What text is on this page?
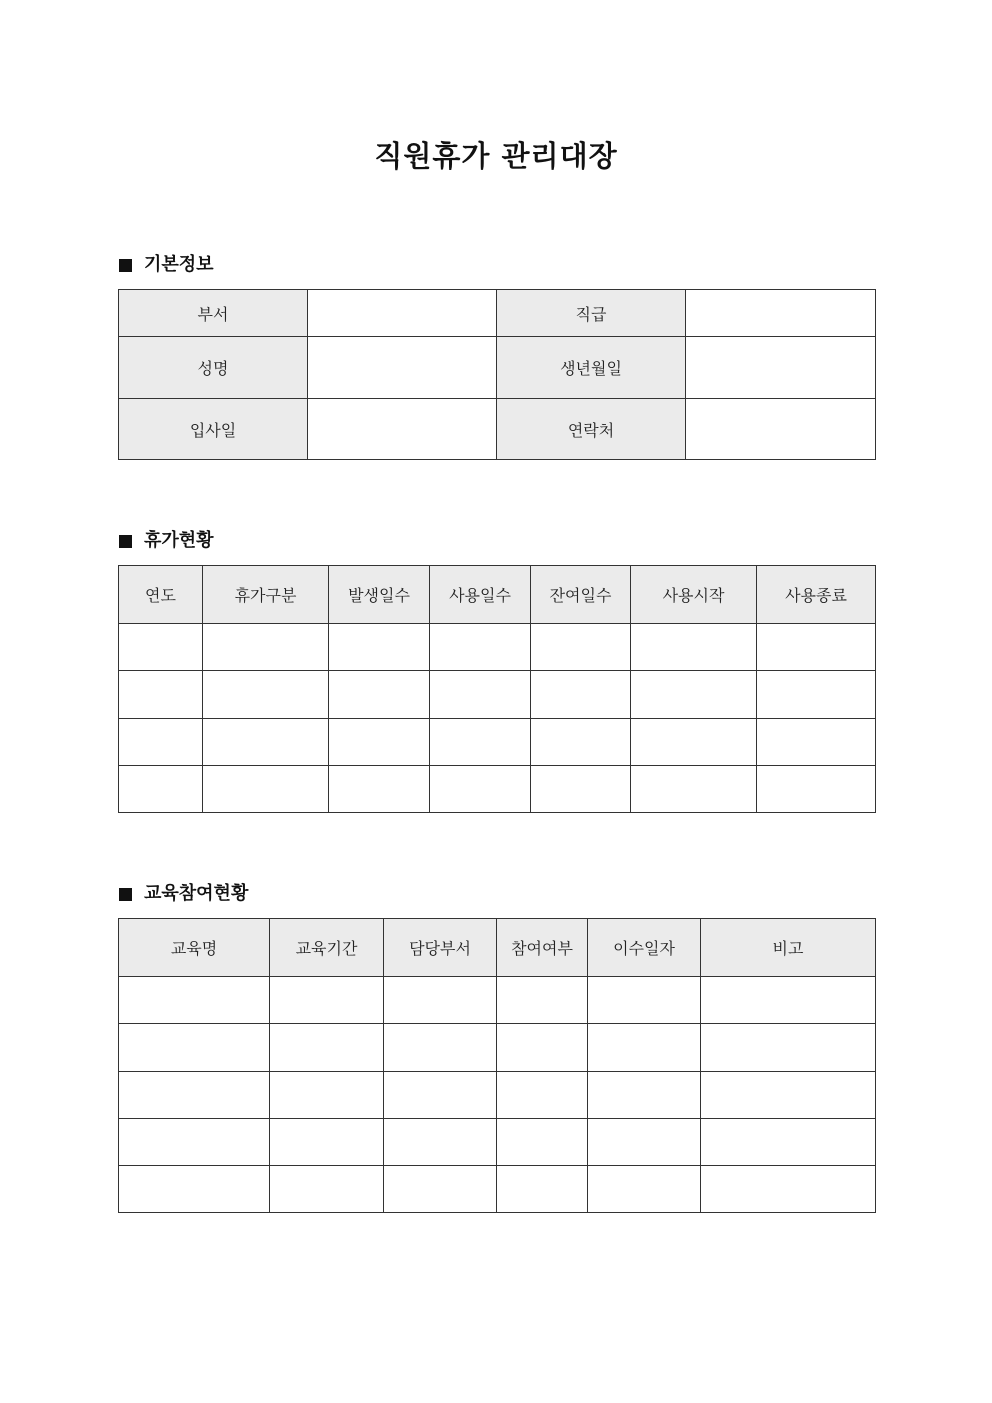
직원휴가 관리대장
기본정보
부서		직급	
성명		생년월일	
입사일		연락처	
휴가현황
연도	휴가구분	발생일수	사용일수	잔여일수	사용시작	사용종료

교육참여현황
교육명	교육기간	담당부서	참여여부	이수일자	비고
